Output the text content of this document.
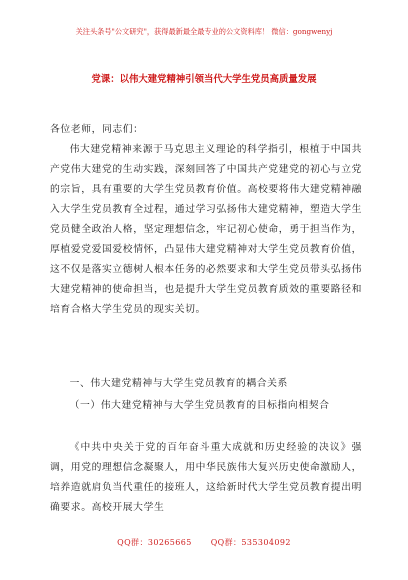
关注头条号"公文研究"，获得最新最全最专业的公文资料库！ 微信：gongwenyj
党课：以伟大建党精神引领当代大学生党员高质量发展
各位老师，同志们：

伟大建党精神来源于马克思主义理论的科学指引，根植于中国共产党伟大建党的生动实践，深刻回答了中国共产党建党的初心与立党的宗旨，具有重要的大学生党员教育价值。高校要将伟大建党精神融入大学生党员教育全过程，通过学习弘扬伟大建党精神，塑造大学生党员健全政治人格，坚定理想信念，牢记初心使命，勇于担当作为，厚植爱党爱国爱校情怀，凸显伟大建党精神对大学生党员教育价值，这不仅是落实立德树人根本任务的必然要求和大学生党员带头弘扬伟大建党精神的使命担当，也是提升大学生党员教育质效的重要路径和培育合格大学生党员的现实关切。

一、伟大建党精神与大学生党员教育的耦合关系

（一）伟大建党精神与大学生党员教育的目标指向相契合

《中共中央关于党的百年奋斗重大成就和历史经验的决议》强调，用党的理想信念凝聚人，用中华民族伟大复兴历史使命激励人，培养造就肩负当代重任的接班人，这给新时代大学生党员教育提出明确要求。高校开展大学生

QQ群：30265665 QQ群：535304092
